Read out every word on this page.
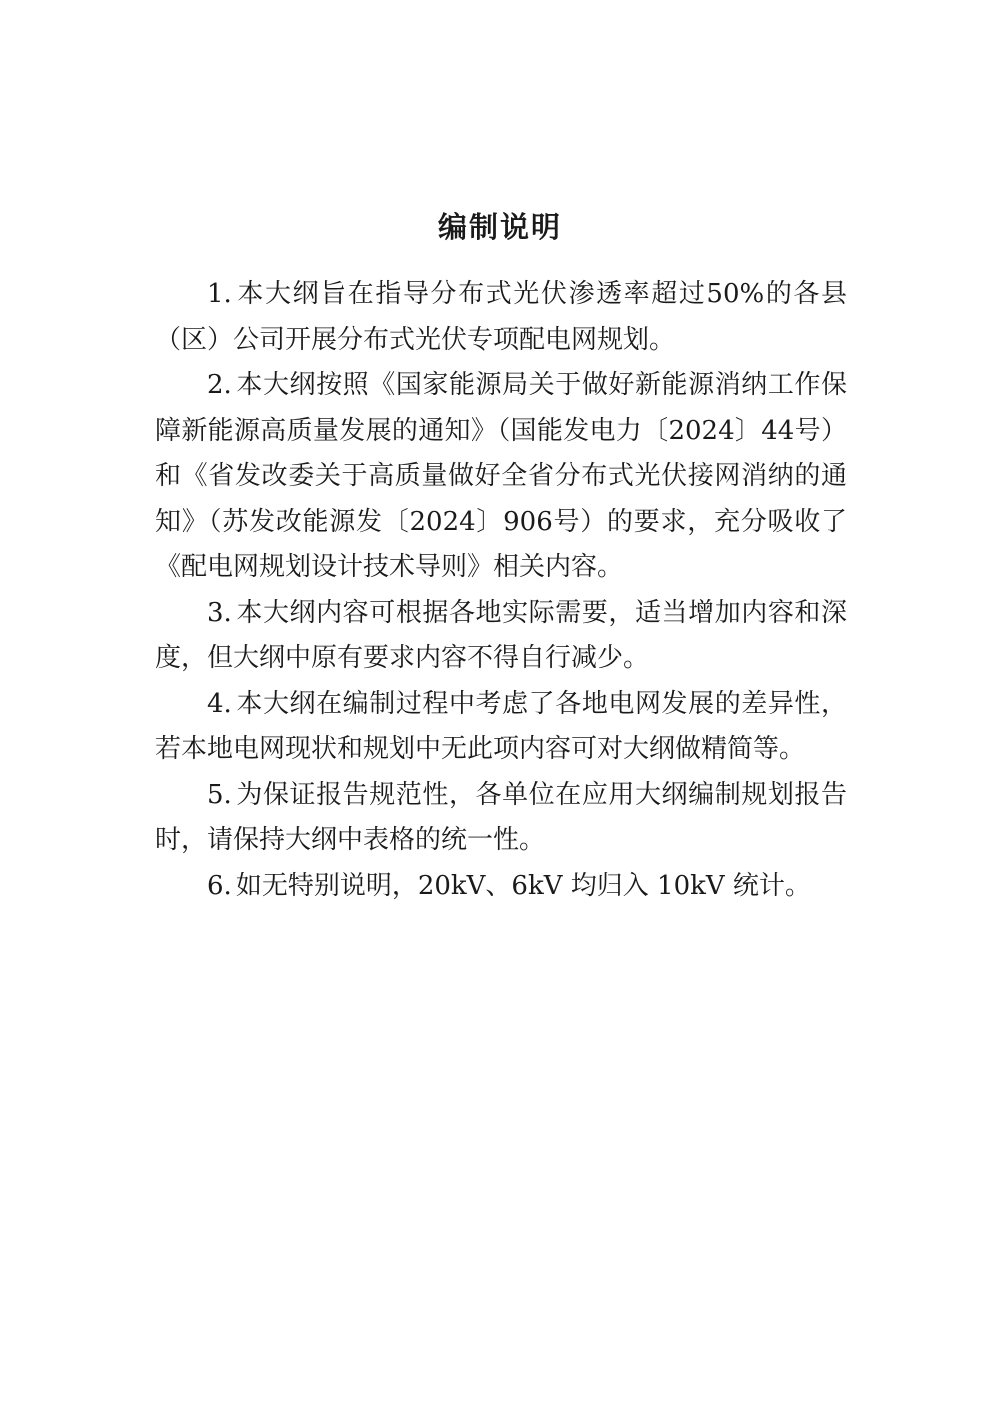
编制说明

1. 本大纲旨在指导分布式光伏渗透率超过50%的各县（区）公司开展分布式光伏专项配电网规划。

2. 本大纲按照《国家能源局关于做好新能源消纳工作保障新能源高质量发展的通知》（国能发电力〔2024〕44号）和《省发改委关于高质量做好全省分布式光伏接网消纳的通知》（苏发改能源发〔2024〕906号）的要求，充分吸收了《配电网规划设计技术导则》相关内容。

3. 本大纲内容可根据各地实际需要，适当增加内容和深度，但大纲中原有要求内容不得自行减少。

4. 本大纲在编制过程中考虑了各地电网发展的差异性，若本地电网现状和规划中无此项内容可对大纲做精简等。

5. 为保证报告规范性，各单位在应用大纲编制规划报告时，请保持大纲中表格的统一性。

6. 如无特别说明，20kV、6kV 均归入 10kV 统计。
